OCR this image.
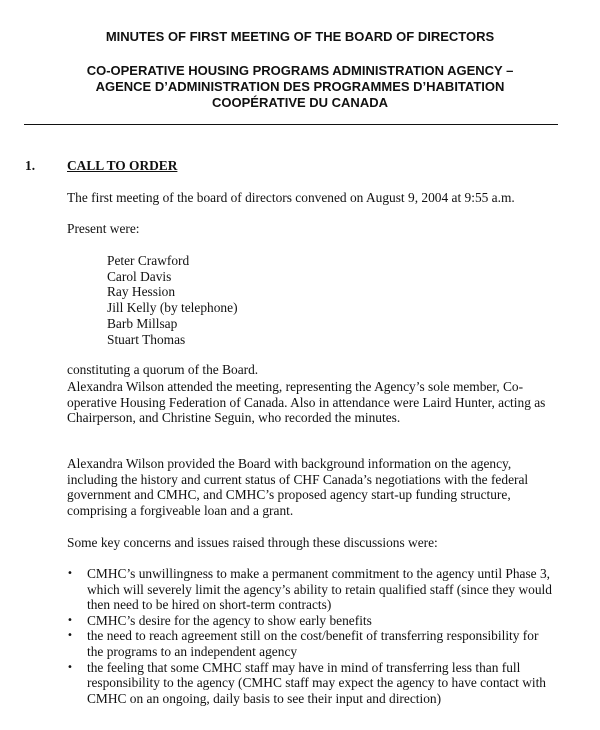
MINUTES OF FIRST MEETING OF THE BOARD OF DIRECTORS
CO-OPERATIVE HOUSING PROGRAMS ADMINISTRATION AGENCY –
AGENCE D’ADMINISTRATION DES PROGRAMMES D’HABITATION
COOPÉRATIVE DU CANADA
1. CALL TO ORDER
The first meeting of the board of directors convened on August 9, 2004 at 9:55 a.m.
Present were:
Peter Crawford
Carol Davis
Ray Hession
Jill Kelly (by telephone)
Barb Millsap
Stuart Thomas
constituting a quorum of the Board.
Alexandra Wilson attended the meeting, representing the Agency’s sole member, Co-operative Housing Federation of Canada. Also in attendance were Laird Hunter, acting as Chairperson, and Christine Seguin, who recorded the minutes.
Alexandra Wilson provided the Board with background information on the agency, including the history and current status of CHF Canada’s negotiations with the federal government and CMHC, and CMHC’s proposed agency start-up funding structure, comprising a forgiveable loan and a grant.
Some key concerns and issues raised through these discussions were:
• CMHC’s unwillingness to make a permanent commitment to the agency until Phase 3, which will severely limit the agency’s ability to retain qualified staff (since they would then need to be hired on short-term contracts)
• CMHC’s desire for the agency to show early benefits
• the need to reach agreement still on the cost/benefit of transferring responsibility for the programs to an independent agency
• the feeling that some CMHC staff may have in mind of transferring less than full responsibility to the agency (CMHC staff may expect the agency to have contact with CMHC on an ongoing, daily basis to see their input and direction)
